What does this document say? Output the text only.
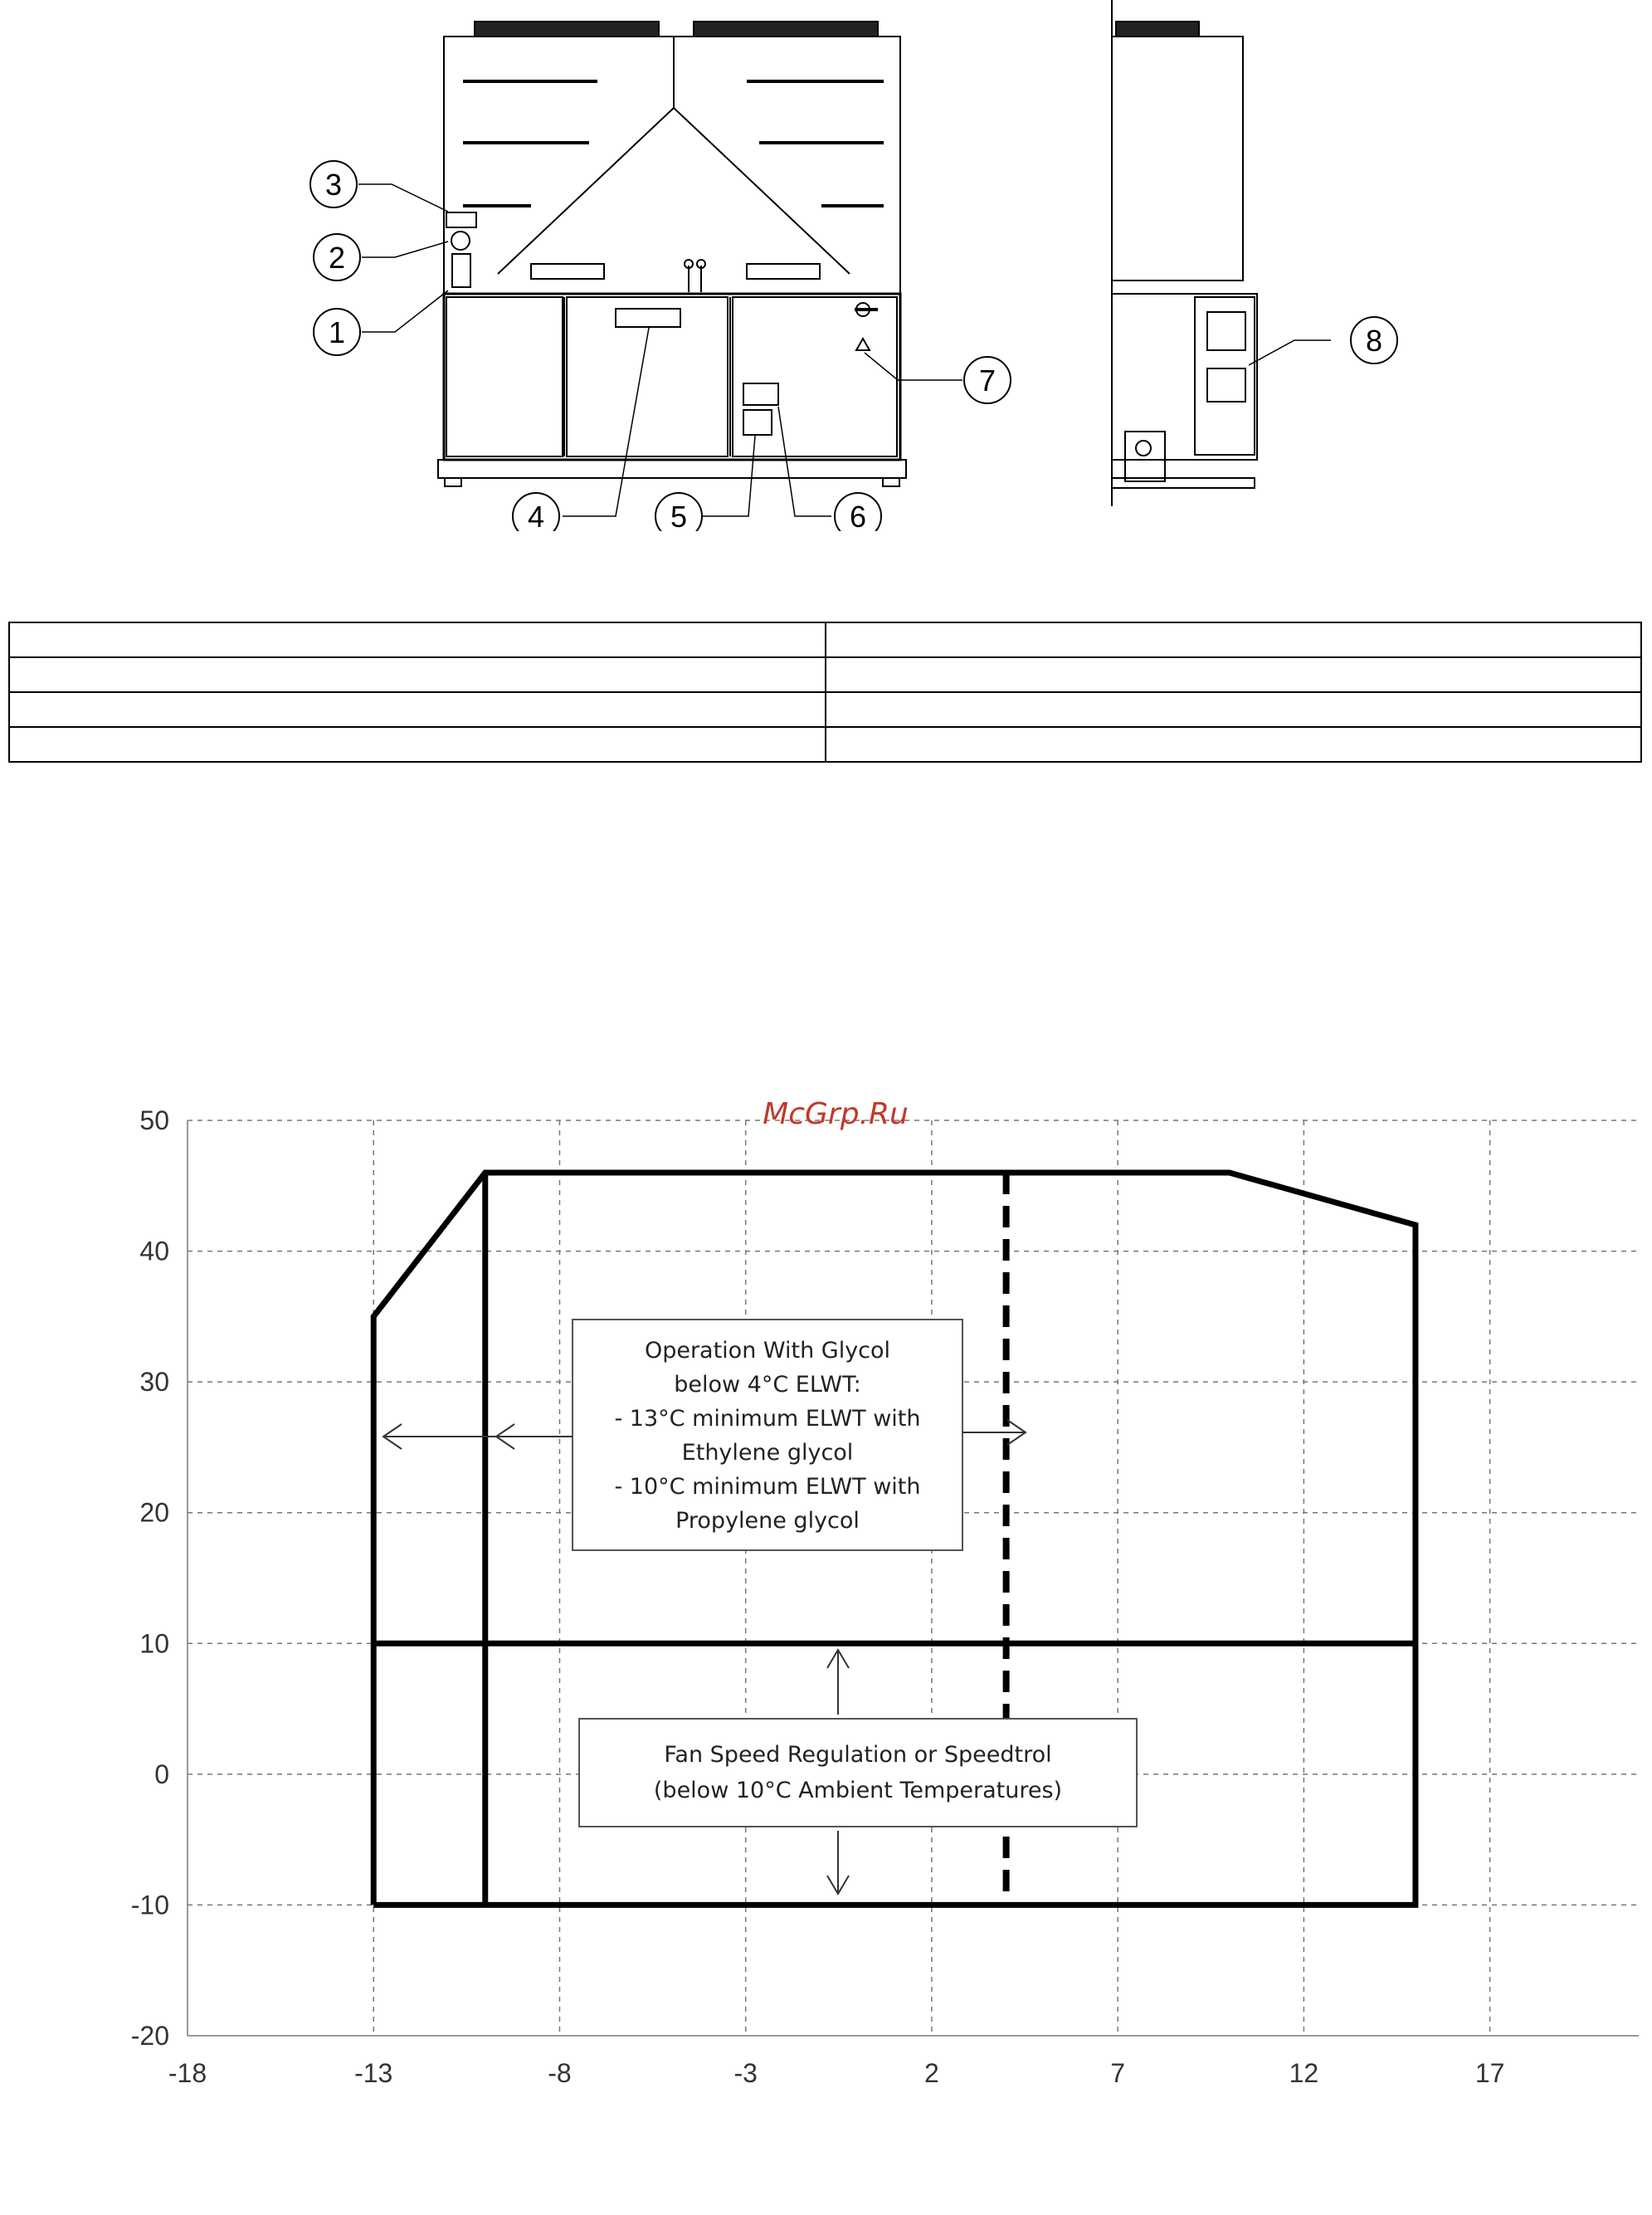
3
2
1
4	5	6
7
8

-18	-13	-8	-3	2	7	12	17
-20
-10
0
10
20
30
40
50	McGrp.Ru
Operation With Glycol
below 4°C ELWT:
- 13°C minimum ELWT with
Ethylene glycol
- 10°C minimum ELWT with
Propylene glycol
Fan Speed Regulation or Speedtrol
(below 10°C Ambient Temperatures)
